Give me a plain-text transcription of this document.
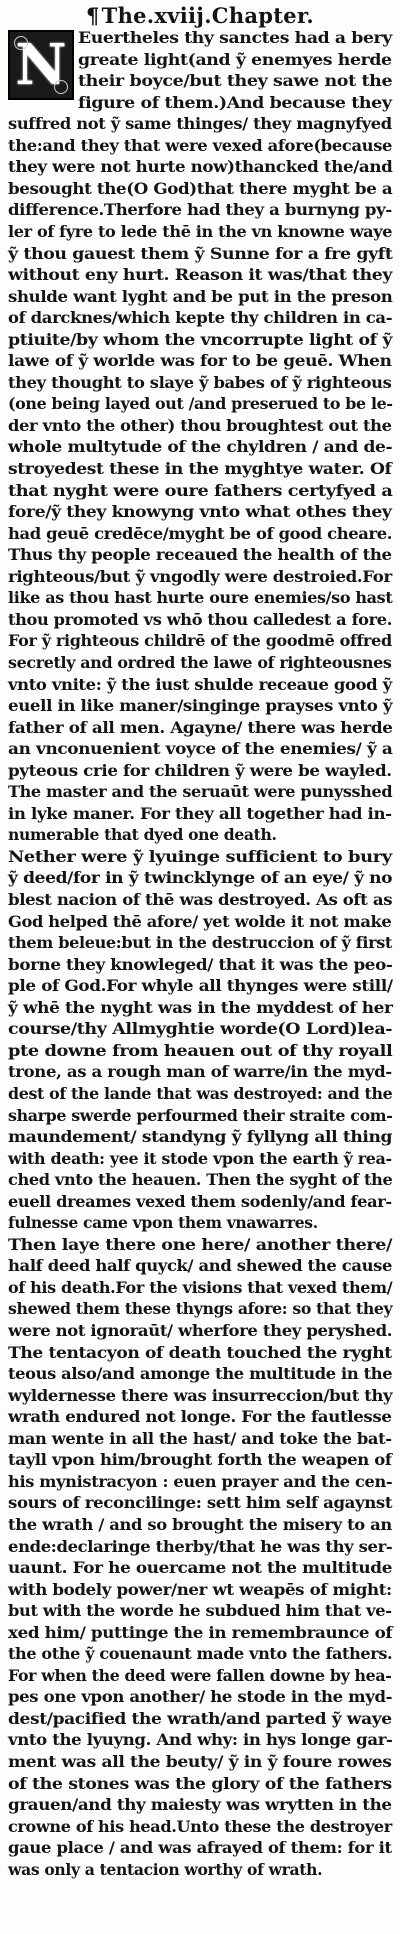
¶The.xviij.Chapter.
N Euertheles thy sanctes had a bery
greate light(and ỹ enemyes herde
their boyce/but they sawe not the
figure of them.)And because they
suffred not ỹ same thinges/ they magnyfyed
the:and they that were vexed afore(because
they were not hurte now)thancked the/and
besought the(O God)that there myght be a
difference.Therfore had they a burnyng py-
ler of fyre to lede thē in the vn knowne waye
ỹ thou gauest them ỹ Sunne for a fre gyft
without eny hurt. Reason it was/that they
shulde want lyght and be put in the preson
of darcknes/which kepte thy children in ca-
ptiuite/by whom the vncorrupte light of ỹ
lawe of ỹ worlde was for to be geuē. When
they thought to slaye ỹ babes of ỹ righteous
(one being layed out /and preserued to be le-
der vnto the other) thou broughtest out the
whole multytude of the chyldren / and de-
stroyedest these in the myghtye water. Of
that nyght were oure fathers certyfyed a
fore/ỹ they knowyng vnto what othes they
had geuē credēce/myght be of good cheare.
Thus thy people receaued the health of the
righteous/but ỹ vngodly were destroied.For
like as thou hast hurte oure enemies/so hast
thou promoted vs whō thou calledest a fore.
For ỹ righteous childrē of the goodmē offred
secretly and ordred the lawe of righteousnes
vnto vnite: ỹ the iust shulde receaue good ỹ
euell in like maner/singinge prayses vnto ỹ
father of all men. Agayne/ there was herde
an vnconuenient voyce of the enemies/ ỹ a
pyteous crie for children ỹ were be wayled.
The master and the seruaūt were punysshed
in lyke maner. For they all together had in-
numerable that dyed one death.
Nether were ỹ lyuinge sufficient to bury
ỹ deed/for in ỹ twincklynge of an eye/ ỹ no
blest nacion of thē was destroyed. As oft as
God helped thē afore/ yet wolde it not make
them beleue:but in the destruccion of ỹ first
borne they knowleged/ that it was the peo-
ple of God.For whyle all thynges were still/
ỹ whē the nyght was in the myddest of her
course/thy Allmyghtie worde(O Lord)lea-
pte downe from heauen out of thy royall
trone, as a rough man of warre/in the myd-
dest of the lande that was destroyed: and the
sharpe swerde perfourmed their straite com-
maundement/ standyng ỹ fyllyng all thing
with death: yee it stode vpon the earth ỹ rea-
ched vnto the heauen. Then the syght of the
euell dreames vexed them sodenly/and fear-
fulnesse came vpon them vnawarres.
Then laye there one here/ another there/
half deed half quyck/ and shewed the cause
of his death.For the visions that vexed them/
shewed them these thyngs afore: so that they
were not ignoraūt/ wherfore they peryshed.
The tentacyon of death touched the ryght
teous also/and amonge the multitude in the
wyldernesse there was insurreccion/but thy
wrath endured not longe. For the fautlesse
man wente in all the hast/ and toke the bat-
tayll vpon him/brought forth the weapen of
his mynistracyon : euen prayer and the cen-
sours of reconcilinge: sett him self agaynst
the wrath / and so brought the misery to an
ende:declaringe therby/that he was thy ser-
uaunt. For he ouercame not the multitude
with bodely power/ner wt weapēs of might:
but with the worde he subdued him that ve-
xed him/ puttinge the in remembraunce of
the othe ỹ couenaunt made vnto the fathers.
For when the deed were fallen downe by hea-
pes one vpon another/ he stode in the myd-
dest/pacified the wrath/and parted ỹ waye
vnto the lyuyng. And why: in hys longe gar-
ment was all the beuty/ ỹ in ỹ foure rowes
of the stones was the glory of the fathers
grauen/and thy maiesty was wrytten in the
crowne of his head.Unto these the destroyer
gaue place / and was afrayed of them: for it
was only a tentacion worthy of wrath.
